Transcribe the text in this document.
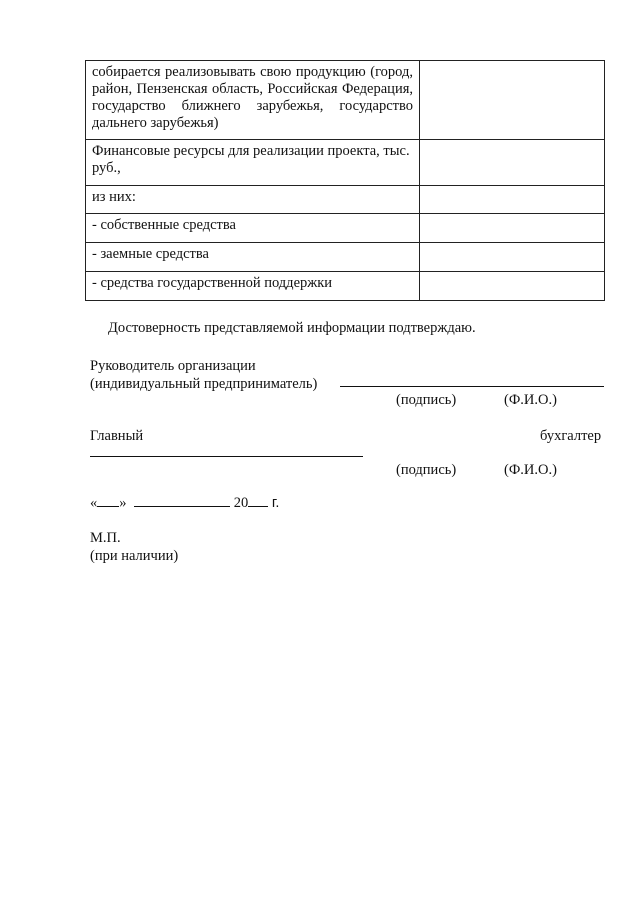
собирается реализовывать свою продукцию (город, район, Пензенская область, Российская Федерация, государство ближнего зарубежья, государство дальнего зарубежья)	
Финансовые ресурсы для реализации проекта, тыс. руб.,	
из них:	
- собственные средства	
- заемные средства	
- средства государственной поддержки	
Достоверность представляемой информации подтверждаю.
Руководитель организации
(индивидуальный предприниматель)
(подпись)	(Ф.И.О.)
Главный	бухгалтер
(подпись)	(Ф.И.О.)
« »	20 г.
М.П.
(при наличии)
